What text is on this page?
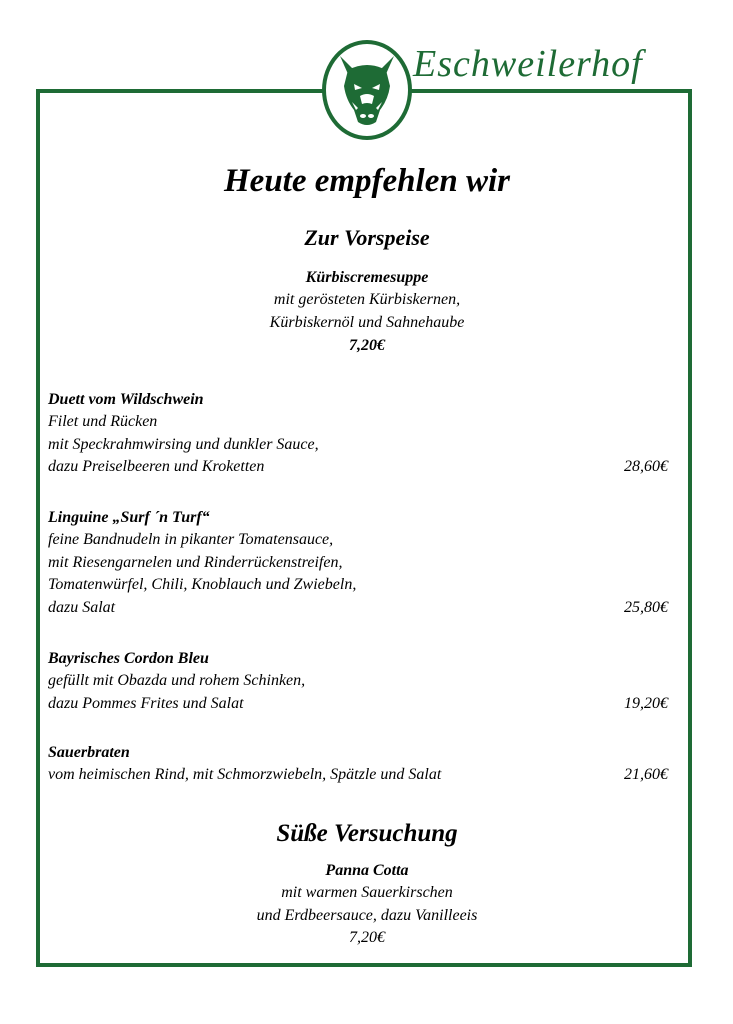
Eschweilerhof
Heute empfehlen wir
Zur Vorspeise
Kürbiscremesuppe
mit gerösteten Kürbiskernen,
Kürbiskernöl und Sahnehaube
7,20€
Duett vom Wildschwein
Filet und Rücken
mit Speckrahmwirsing und dunkler Sauce,
dazu Preiselbeeren und Kroketten	28,60€
Linguine „Surf ´n Turf“
feine Bandnudeln in pikanter Tomatensauce,
mit Riesengarnelen und Rinderrückenstreifen,
Tomatenwürfel, Chili, Knoblauch und Zwiebeln,
dazu Salat	25,80€
Bayrisches Cordon Bleu
gefüllt mit Obazda und rohem Schinken,
dazu Pommes Frites und Salat	19,20€
Sauerbraten
vom heimischen Rind, mit Schmorzwiebeln, Spätzle und Salat	21,60€
Süße Versuchung
Panna Cotta
mit warmen Sauerkirschen
und Erdbeersauce, dazu Vanilleeis
7,20€
